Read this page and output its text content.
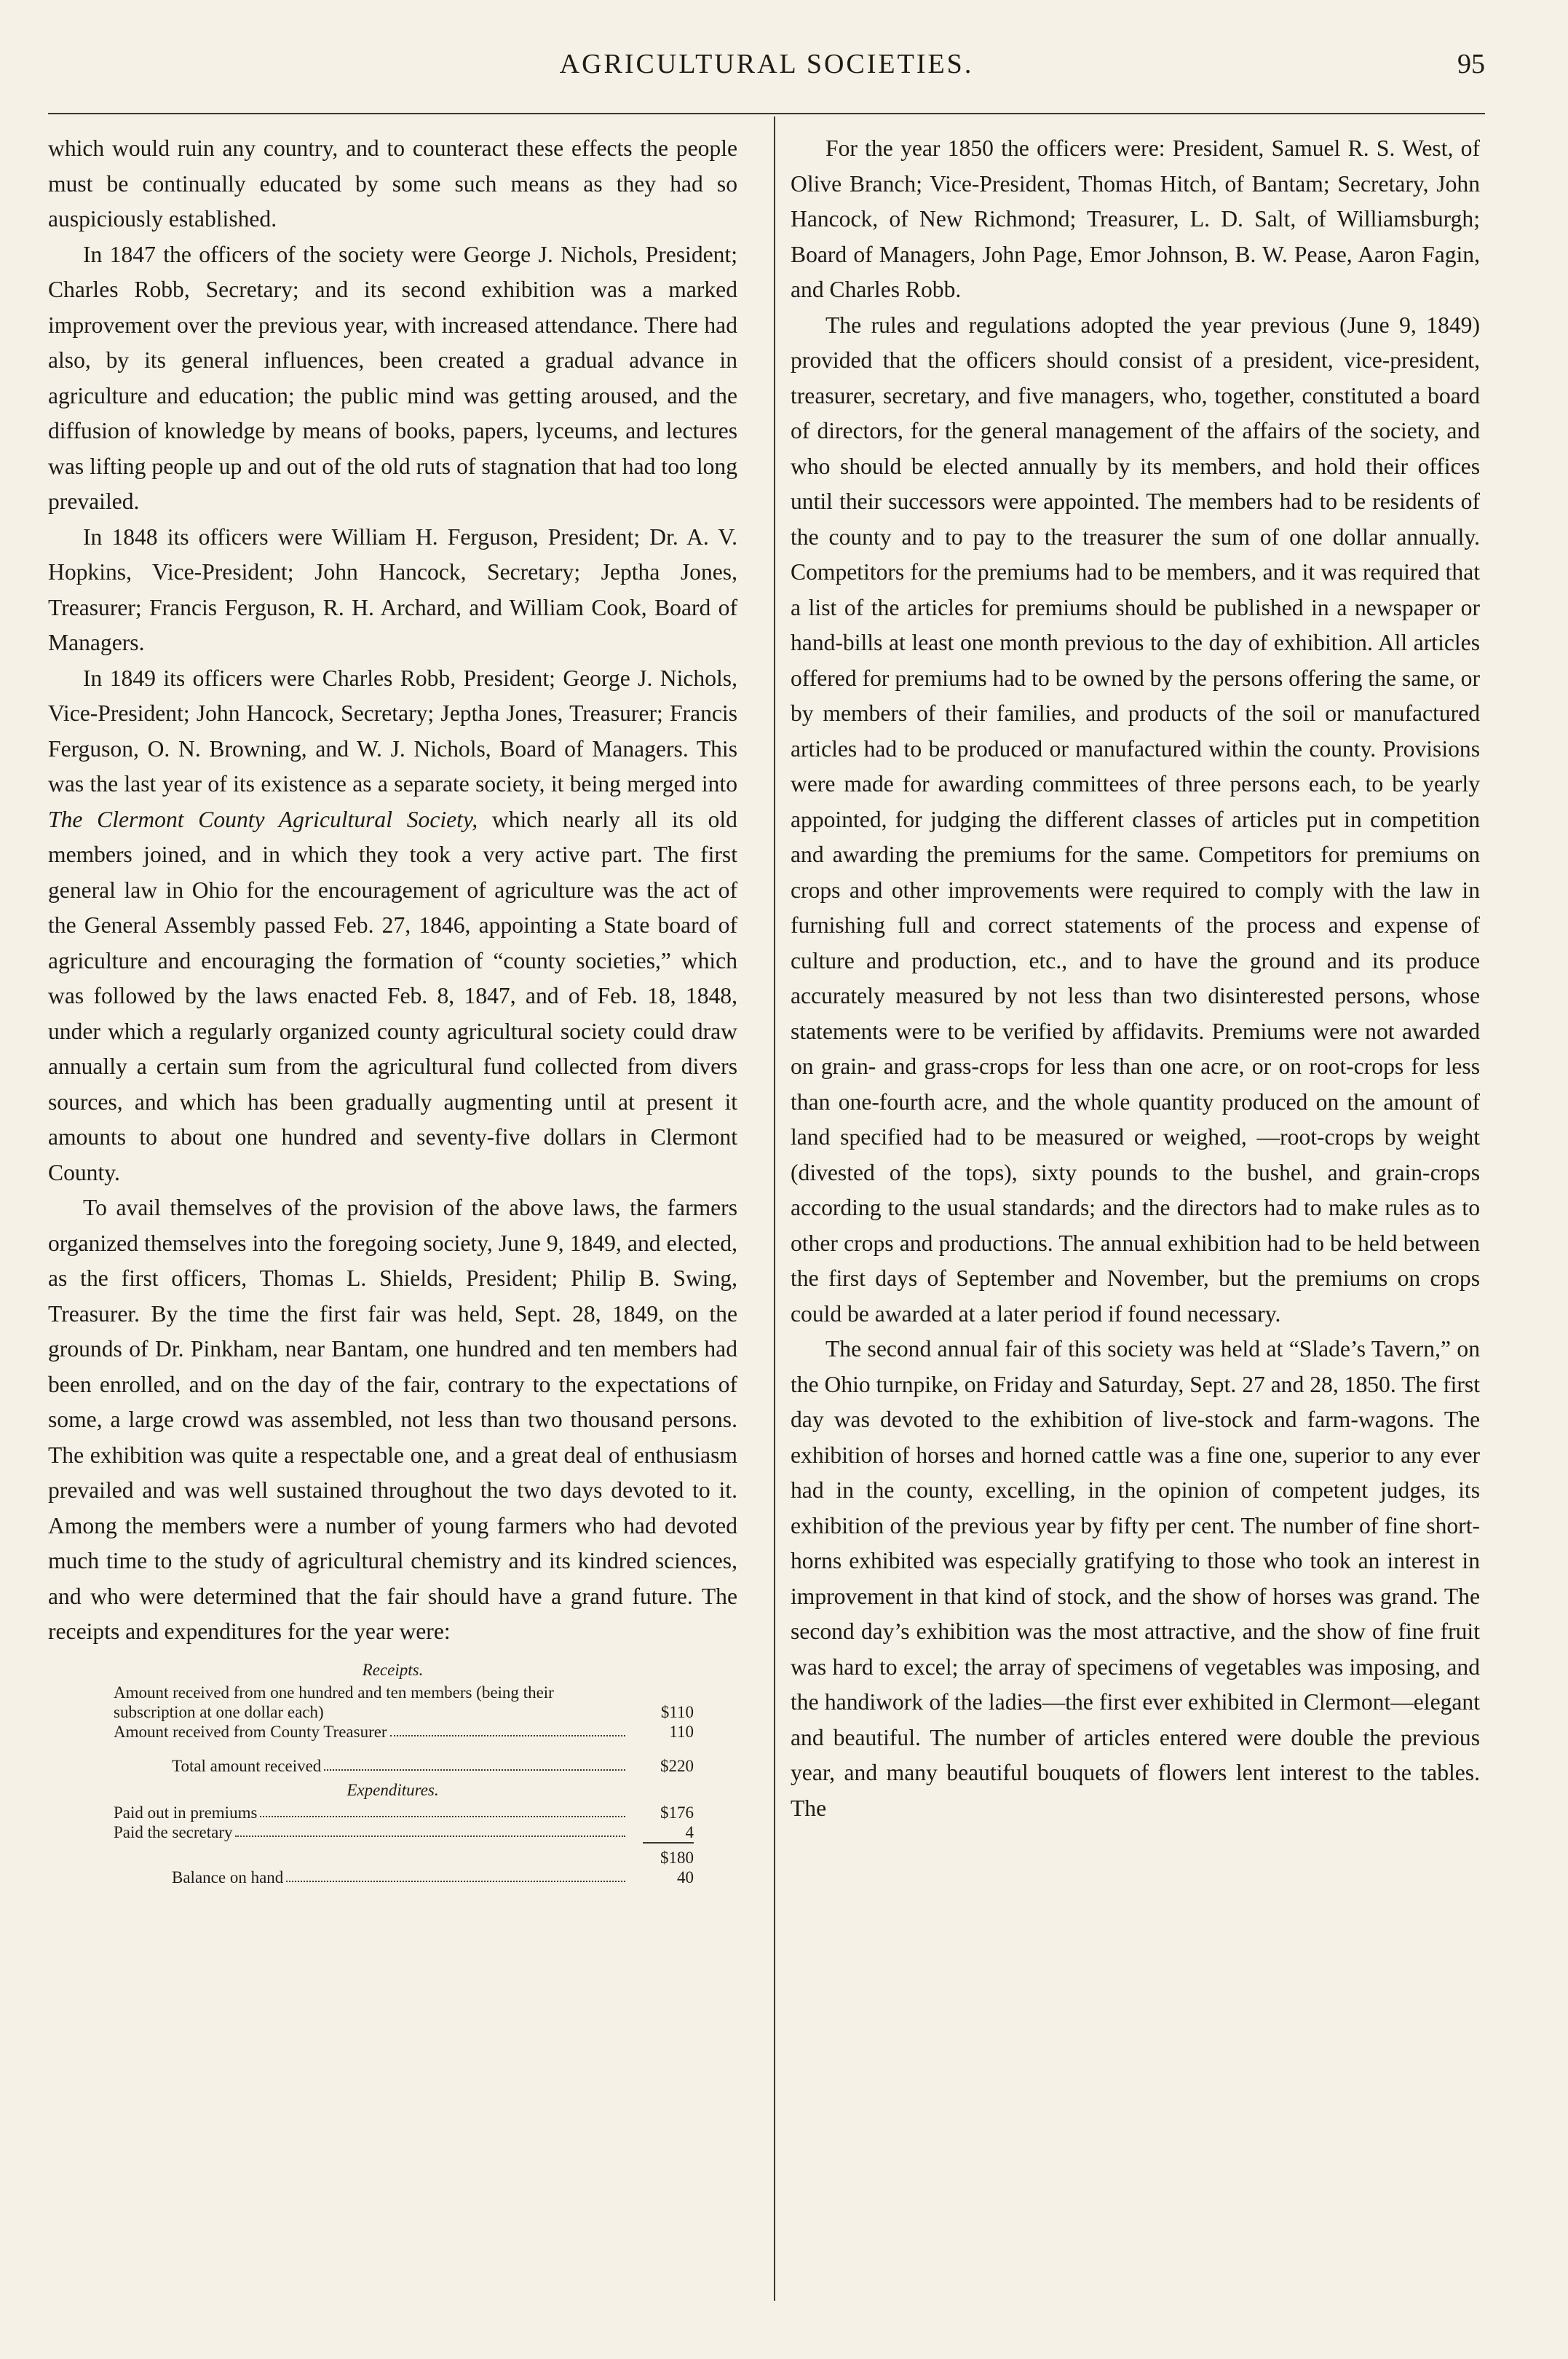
AGRICULTURAL SOCIETIES.	95

which would ruin any country, and to counteract these effects the people must be continually educated by some such means as they had so auspiciously established.

In 1847 the officers of the society were George J. Nichols, President; Charles Robb, Secretary; and its second exhibition was a marked improvement over the previous year, with increased attendance. There had also, by its general influences, been created a gradual advance in agriculture and education; the public mind was getting aroused, and the diffusion of knowledge by means of books, papers, lyceums, and lectures was lifting people up and out of the old ruts of stagnation that had too long prevailed.

In 1848 its officers were William H. Ferguson, President; Dr. A. V. Hopkins, Vice-President; John Hancock, Secretary; Jeptha Jones, Treasurer; Francis Ferguson, R. H. Archard, and William Cook, Board of Managers.

In 1849 its officers were Charles Robb, President; George J. Nichols, Vice-President; John Hancock, Secretary; Jeptha Jones, Treasurer; Francis Ferguson, O. N. Browning, and W. J. Nichols, Board of Managers. This was the last year of its existence as a separate society, it being merged into The Clermont County Agricultural Society, which nearly all its old members joined, and in which they took a very active part. The first general law in Ohio for the encouragement of agriculture was the act of the General Assembly passed Feb. 27, 1846, appointing a State board of agriculture and encouraging the formation of “county societies,” which was followed by the laws enacted Feb. 8, 1847, and of Feb. 18, 1848, under which a regularly organized county agricultural society could draw annually a certain sum from the agricultural fund collected from divers sources, and which has been gradually augmenting until at present it amounts to about one hundred and seventy-five dollars in Clermont County.

To avail themselves of the provision of the above laws, the farmers organized themselves into the foregoing society, June 9, 1849, and elected, as the first officers, Thomas L. Shields, President; Philip B. Swing, Treasurer. By the time the first fair was held, Sept. 28, 1849, on the grounds of Dr. Pinkham, near Bantam, one hundred and ten members had been enrolled, and on the day of the fair, contrary to the expectations of some, a large crowd was assembled, not less than two thousand persons. The exhibition was quite a respectable one, and a great deal of enthusiasm prevailed and was well sustained throughout the two days devoted to it. Among the members were a number of young farmers who had devoted much time to the study of agricultural chemistry and its kindred sciences, and who were determined that the fair should have a grand future. The receipts and expenditures for the year were:

Receipts.
Amount received from one hundred and ten members (being their subscription at one dollar each)	$110
Amount received from County Treasurer	110
Total amount received	$220
Expenditures.
Paid out in premiums	$176
Paid the secretary	4
$180
Balance on hand	40

For the year 1850 the officers were: President, Samuel R. S. West, of Olive Branch; Vice-President, Thomas Hitch, of Bantam; Secretary, John Hancock, of New Richmond; Treasurer, L. D. Salt, of Williamsburgh; Board of Managers, John Page, Emor Johnson, B. W. Pease, Aaron Fagin, and Charles Robb.

The rules and regulations adopted the year previous (June 9, 1849) provided that the officers should consist of a president, vice-president, treasurer, secretary, and five managers, who, together, constituted a board of directors, for the general management of the affairs of the society, and who should be elected annually by its members, and hold their offices until their successors were appointed. The members had to be residents of the county and to pay to the treasurer the sum of one dollar annually. Competitors for the premiums had to be members, and it was required that a list of the articles for premiums should be published in a newspaper or hand-bills at least one month previous to the day of exhibition. All articles offered for premiums had to be owned by the persons offering the same, or by members of their families, and products of the soil or manufactured articles had to be produced or manufactured within the county. Provisions were made for awarding committees of three persons each, to be yearly appointed, for judging the different classes of articles put in competition and awarding the premiums for the same. Competitors for premiums on crops and other improvements were required to comply with the law in furnishing full and correct statements of the process and expense of culture and production, etc., and to have the ground and its produce accurately measured by not less than two disinterested persons, whose statements were to be verified by affidavits. Premiums were not awarded on grain- and grass-crops for less than one acre, or on root-crops for less than one-fourth acre, and the whole quantity produced on the amount of land specified had to be measured or weighed, —root-crops by weight (divested of the tops), sixty pounds to the bushel, and grain-crops according to the usual standards; and the directors had to make rules as to other crops and productions. The annual exhibition had to be held between the first days of September and November, but the premiums on crops could be awarded at a later period if found necessary.

The second annual fair of this society was held at “Slade’s Tavern,” on the Ohio turnpike, on Friday and Saturday, Sept. 27 and 28, 1850. The first day was devoted to the exhibition of live-stock and farm-wagons. The exhibition of horses and horned cattle was a fine one, superior to any ever had in the county, excelling, in the opinion of competent judges, its exhibition of the previous year by fifty per cent. The number of fine short-horns exhibited was especially gratifying to those who took an interest in improvement in that kind of stock, and the show of horses was grand. The second day’s exhibition was the most attractive, and the show of fine fruit was hard to excel; the array of specimens of vegetables was imposing, and the handiwork of the ladies—the first ever exhibited in Clermont—elegant and beautiful. The number of articles entered were double the previous year, and many beautiful bouquets of flowers lent interest to the tables. The
